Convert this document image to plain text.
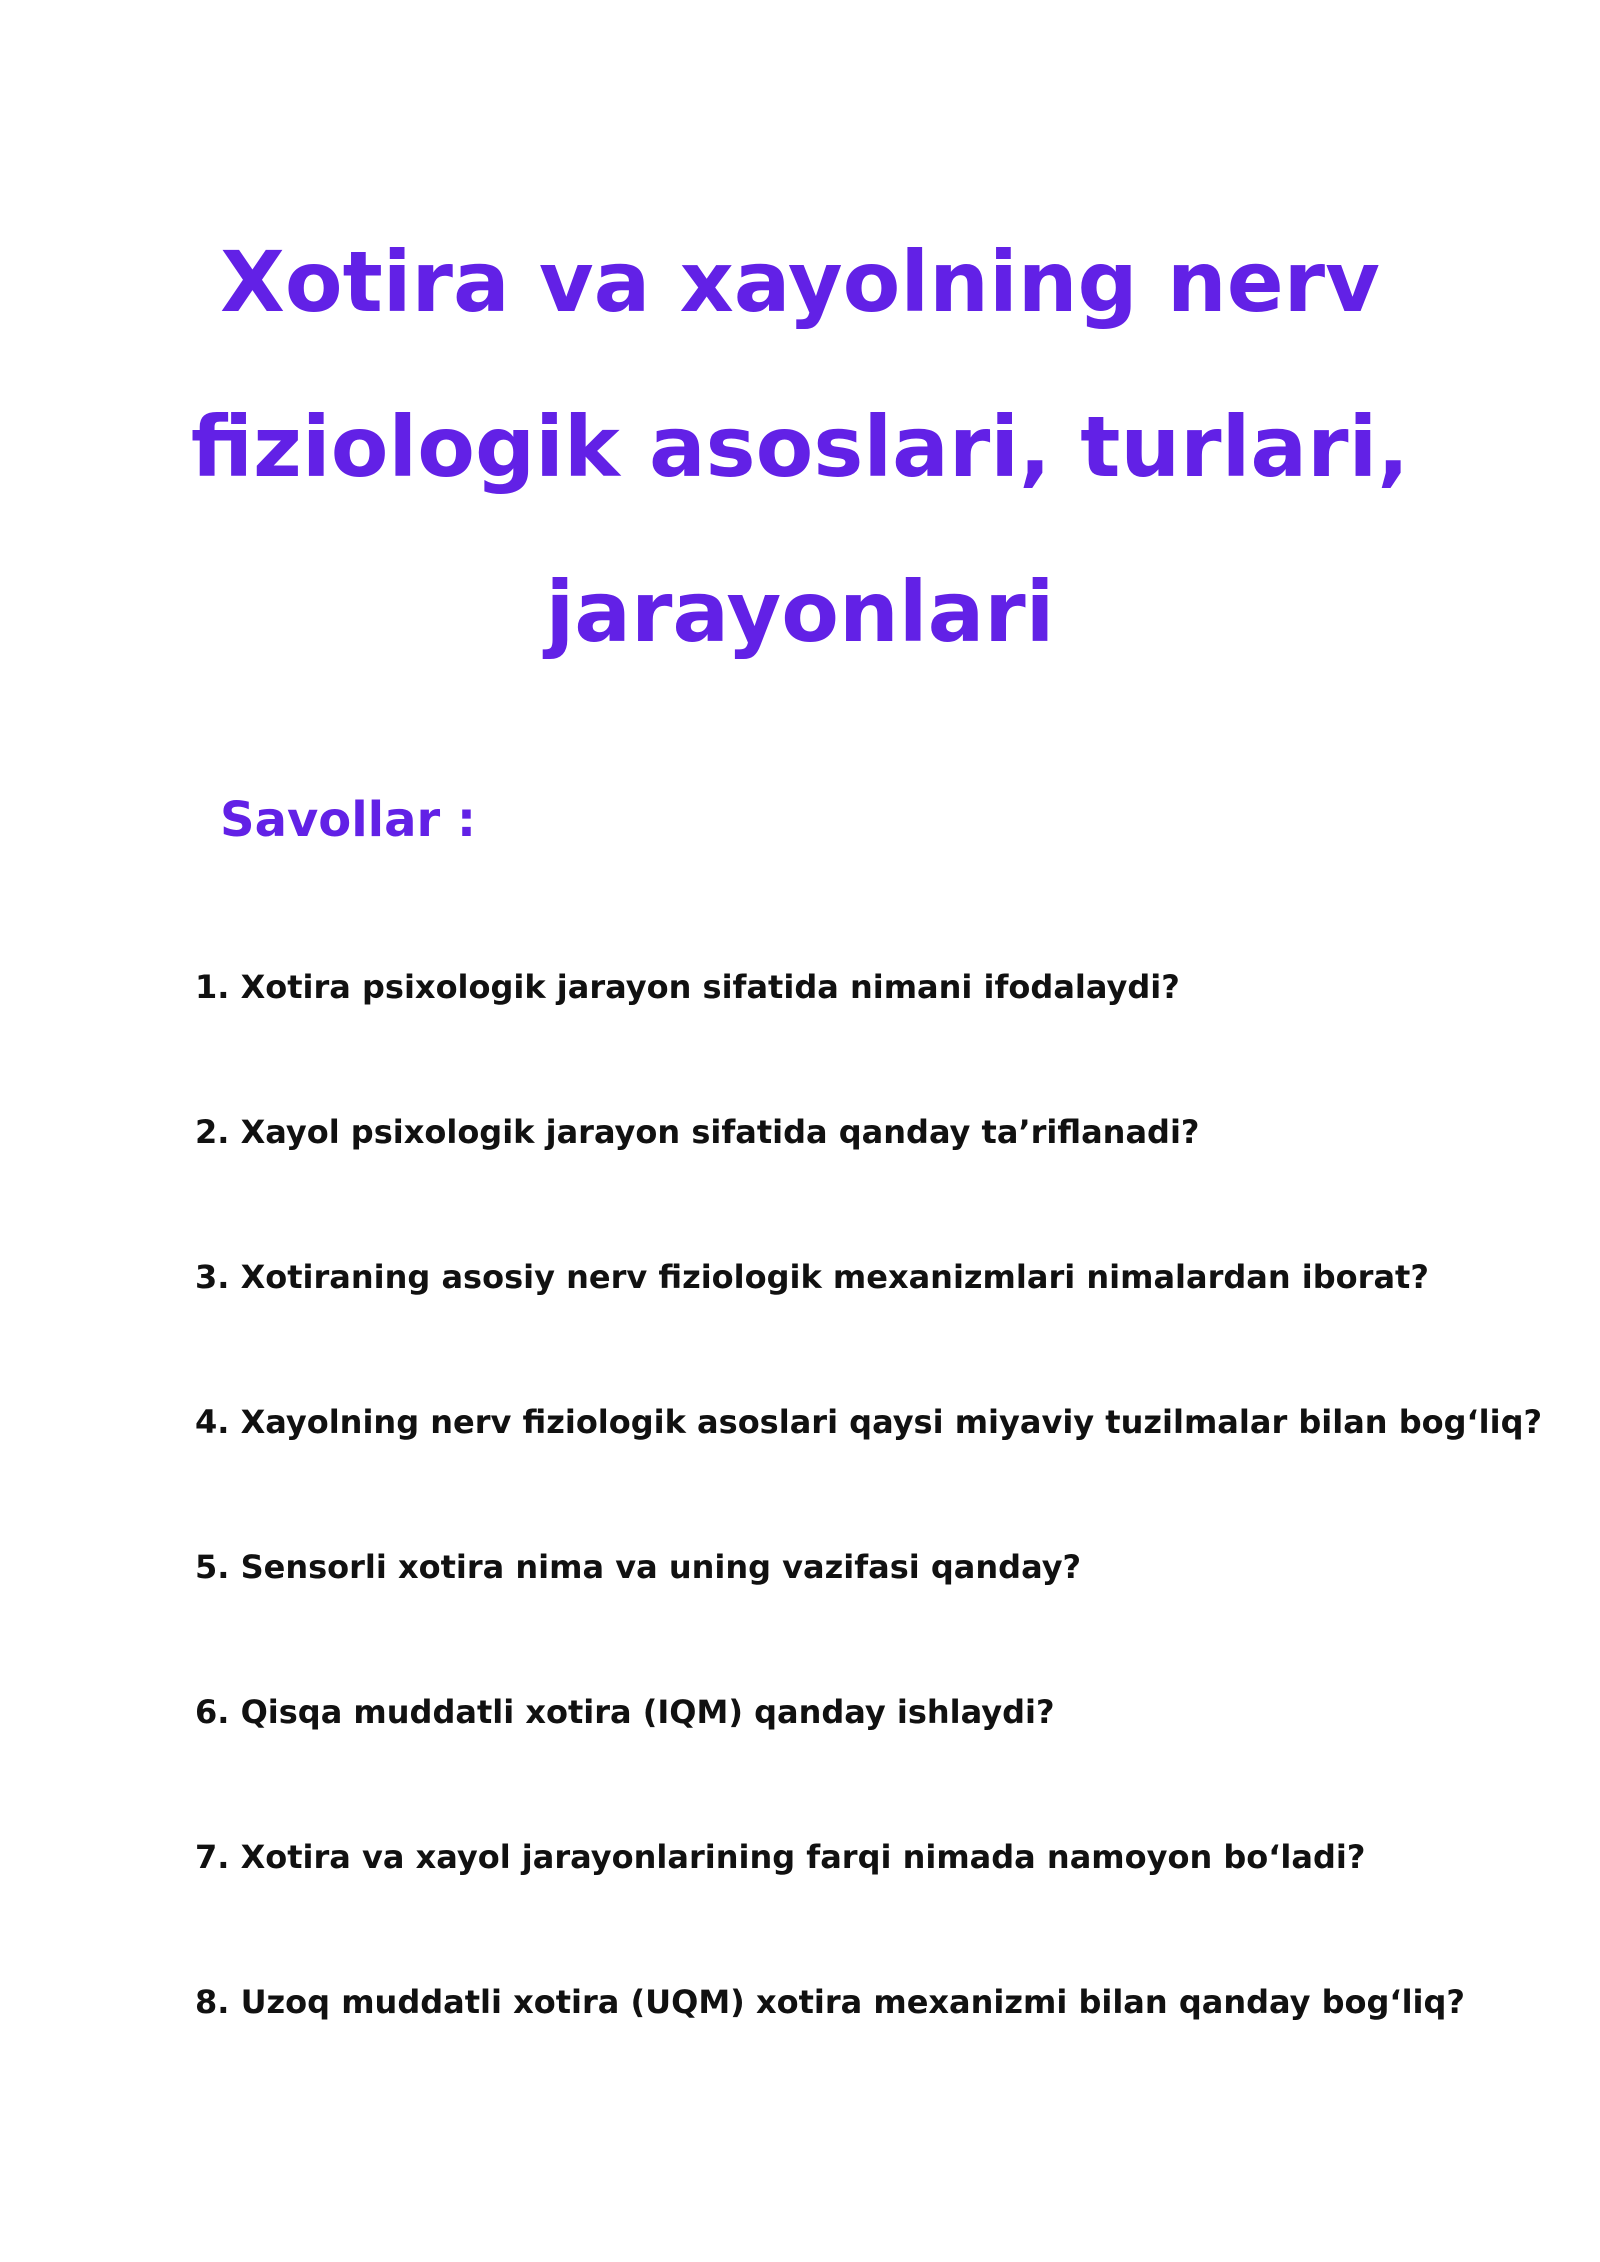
Xotira va xayolning nerv
fiziologik asoslari, turlari,
jarayonlari
Savollar :
1. Xotira psixologik jarayon sifatida nimani ifodalaydi?
2. Xayol psixologik jarayon sifatida qanday ta’riflanadi?
3. Xotiraning asosiy nerv fiziologik mexanizmlari nimalardan iborat?
4. Xayolning nerv fiziologik asoslari qaysi miyaviy tuzilmalar bilan bog‘liq?
5. Sensorli xotira nima va uning vazifasi qanday?
6. Qisqa muddatli xotira (IQM) qanday ishlaydi?
7. Xotira va xayol jarayonlarining farqi nimada namoyon bo‘ladi?
8. Uzoq muddatli xotira (UQM) xotira mexanizmi bilan qanday bog‘liq?
